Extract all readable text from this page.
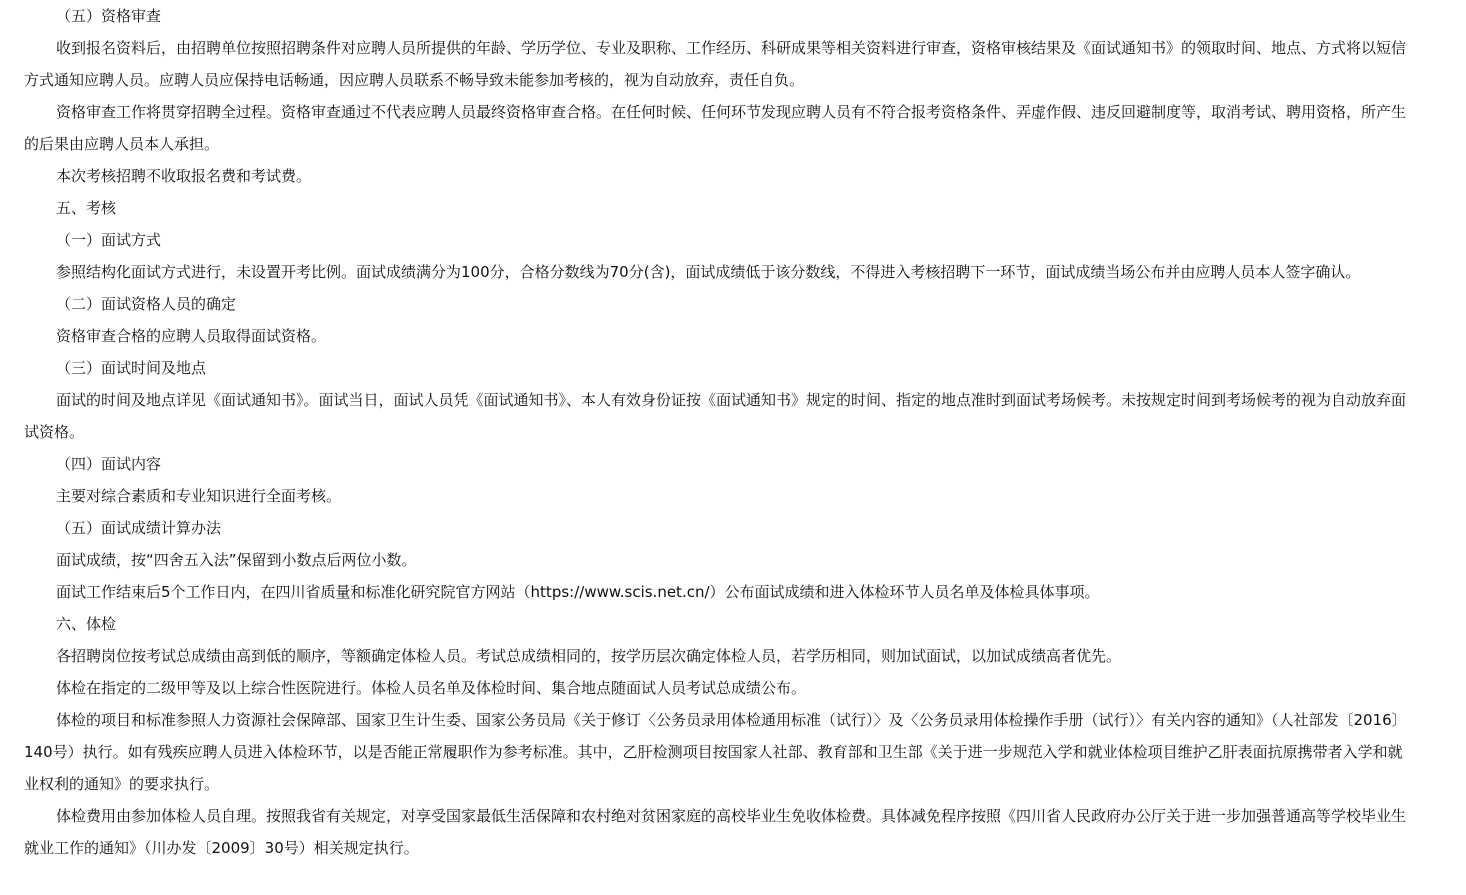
（五）资格审查

收到报名资料后，由招聘单位按照招聘条件对应聘人员所提供的年龄、学历学位、专业及职称、工作经历、科研成果等相关资料进行审查，资格审核结果及《面试通知书》的领取时间、地点、方式将以短信方式通知应聘人员。应聘人员应保持电话畅通，因应聘人员联系不畅导致未能参加考核的，视为自动放弃，责任自负。

资格审查工作将贯穿招聘全过程。资格审查通过不代表应聘人员最终资格审查合格。在任何时候、任何环节发现应聘人员有不符合报考资格条件、弄虚作假、违反回避制度等，取消考试、聘用资格，所产生的后果由应聘人员本人承担。

本次考核招聘不收取报名费和考试费。

五、考核

（一）面试方式

参照结构化面试方式进行，未设置开考比例。面试成绩满分为100分，合格分数线为70分(含)，面试成绩低于该分数线，不得进入考核招聘下一环节，面试成绩当场公布并由应聘人员本人签字确认。

（二）面试资格人员的确定

资格审查合格的应聘人员取得面试资格。

（三）面试时间及地点

面试的时间及地点详见《面试通知书》。面试当日，面试人员凭《面试通知书》、本人有效身份证按《面试通知书》规定的时间、指定的地点准时到面试考场候考。未按规定时间到考场候考的视为自动放弃面试资格。

（四）面试内容

主要对综合素质和专业知识进行全面考核。

（五）面试成绩计算办法

面试成绩，按“四舍五入法”保留到小数点后两位小数。

面试工作结束后5个工作日内，在四川省质量和标准化研究院官方网站（https://www.scis.net.cn/）公布面试成绩和进入体检环节人员名单及体检具体事项。

六、体检

各招聘岗位按考试总成绩由高到低的顺序，等额确定体检人员。考试总成绩相同的，按学历层次确定体检人员，若学历相同，则加试面试，以加试成绩高者优先。

体检在指定的二级甲等及以上综合性医院进行。体检人员名单及体检时间、集合地点随面试人员考试总成绩公布。

体检的项目和标准参照人力资源社会保障部、国家卫生计生委、国家公务员局《关于修订〈公务员录用体检通用标准（试行）〉及〈公务员录用体检操作手册（试行）〉有关内容的通知》（人社部发〔2016〕140号）执行。如有残疾应聘人员进入体检环节，以是否能正常履职作为参考标准。其中，乙肝检测项目按国家人社部、教育部和卫生部《关于进一步规范入学和就业体检项目维护乙肝表面抗原携带者入学和就业权利的通知》的要求执行。

体检费用由参加体检人员自理。按照我省有关规定，对享受国家最低生活保障和农村绝对贫困家庭的高校毕业生免收体检费。具体减免程序按照《四川省人民政府办公厅关于进一步加强普通高等学校毕业生就业工作的通知》（川办发〔2009〕30号）相关规定执行。
